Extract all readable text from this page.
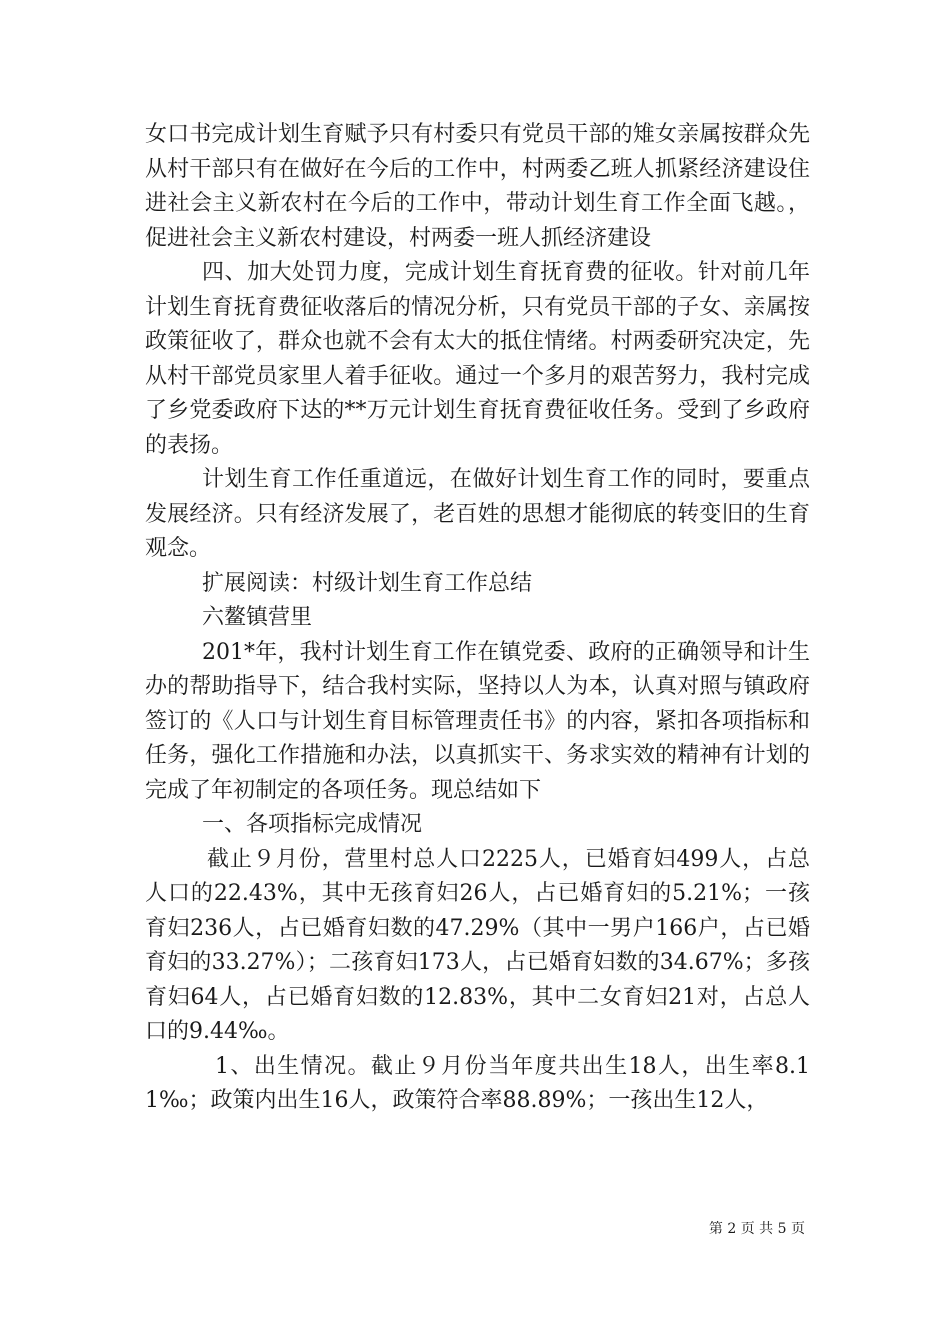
女口书完成计划生育赋予只有村委只有党员干部的雉女亲属按群众先从村干部只有在做好在今后的工作中，村两委乙班人抓紧经济建设住进社会主义新农村在今后的工作中，带动计划生育工作全面飞越。，促进社会主义新农村建设，村两委一班人抓经济建设

四、加大处罚力度，完成计划生育抚育费的征收。针对前几年计划生育抚育费征收落后的情况分析，只有党员干部的子女、亲属按政策征收了，群众也就不会有太大的抵住情绪。村两委研究决定，先从村干部党员家里人着手征收。通过一个多月的艰苦努力，我村完成了乡党委政府下达的**万元计划生育抚育费征收任务。受到了乡政府的表扬。

计划生育工作任重道远，在做好计划生育工作的同时，要重点发展经济。只有经济发展了，老百姓的思想才能彻底的转变旧的生育观念。

扩展阅读：村级计划生育工作总结

六鳌镇营里

201*年，我村计划生育工作在镇党委、政府的正确领导和计生办的帮助指导下，结合我村实际，坚持以人为本，认真对照与镇政府签订的《人口与计划生育目标管理责任书》的内容，紧扣各项指标和任务，强化工作措施和办法，以真抓实干、务求实效的精神有计划的完成了年初制定的各项任务。现总结如下

一、各项指标完成情况

截止９月份，营里村总人口2225人，已婚育妇499人，占总人口的22.43%，其中无孩育妇26人，占已婚育妇的5.21%；一孩育妇236人，占已婚育妇数的47.29%（其中一男户166户，占已婚育妇的33.27%）；二孩育妇173人，占已婚育妇数的34.67%；多孩育妇64人，占已婚育妇数的12.83%，其中二女育妇21对，占总人口的9.44‰。

1、出生情况。截止９月份当年度共出生18人，出生率8.11‰；政策内出生16人，政策符合率88.89%；一孩出生12人，

第 2 页 共 5 页
